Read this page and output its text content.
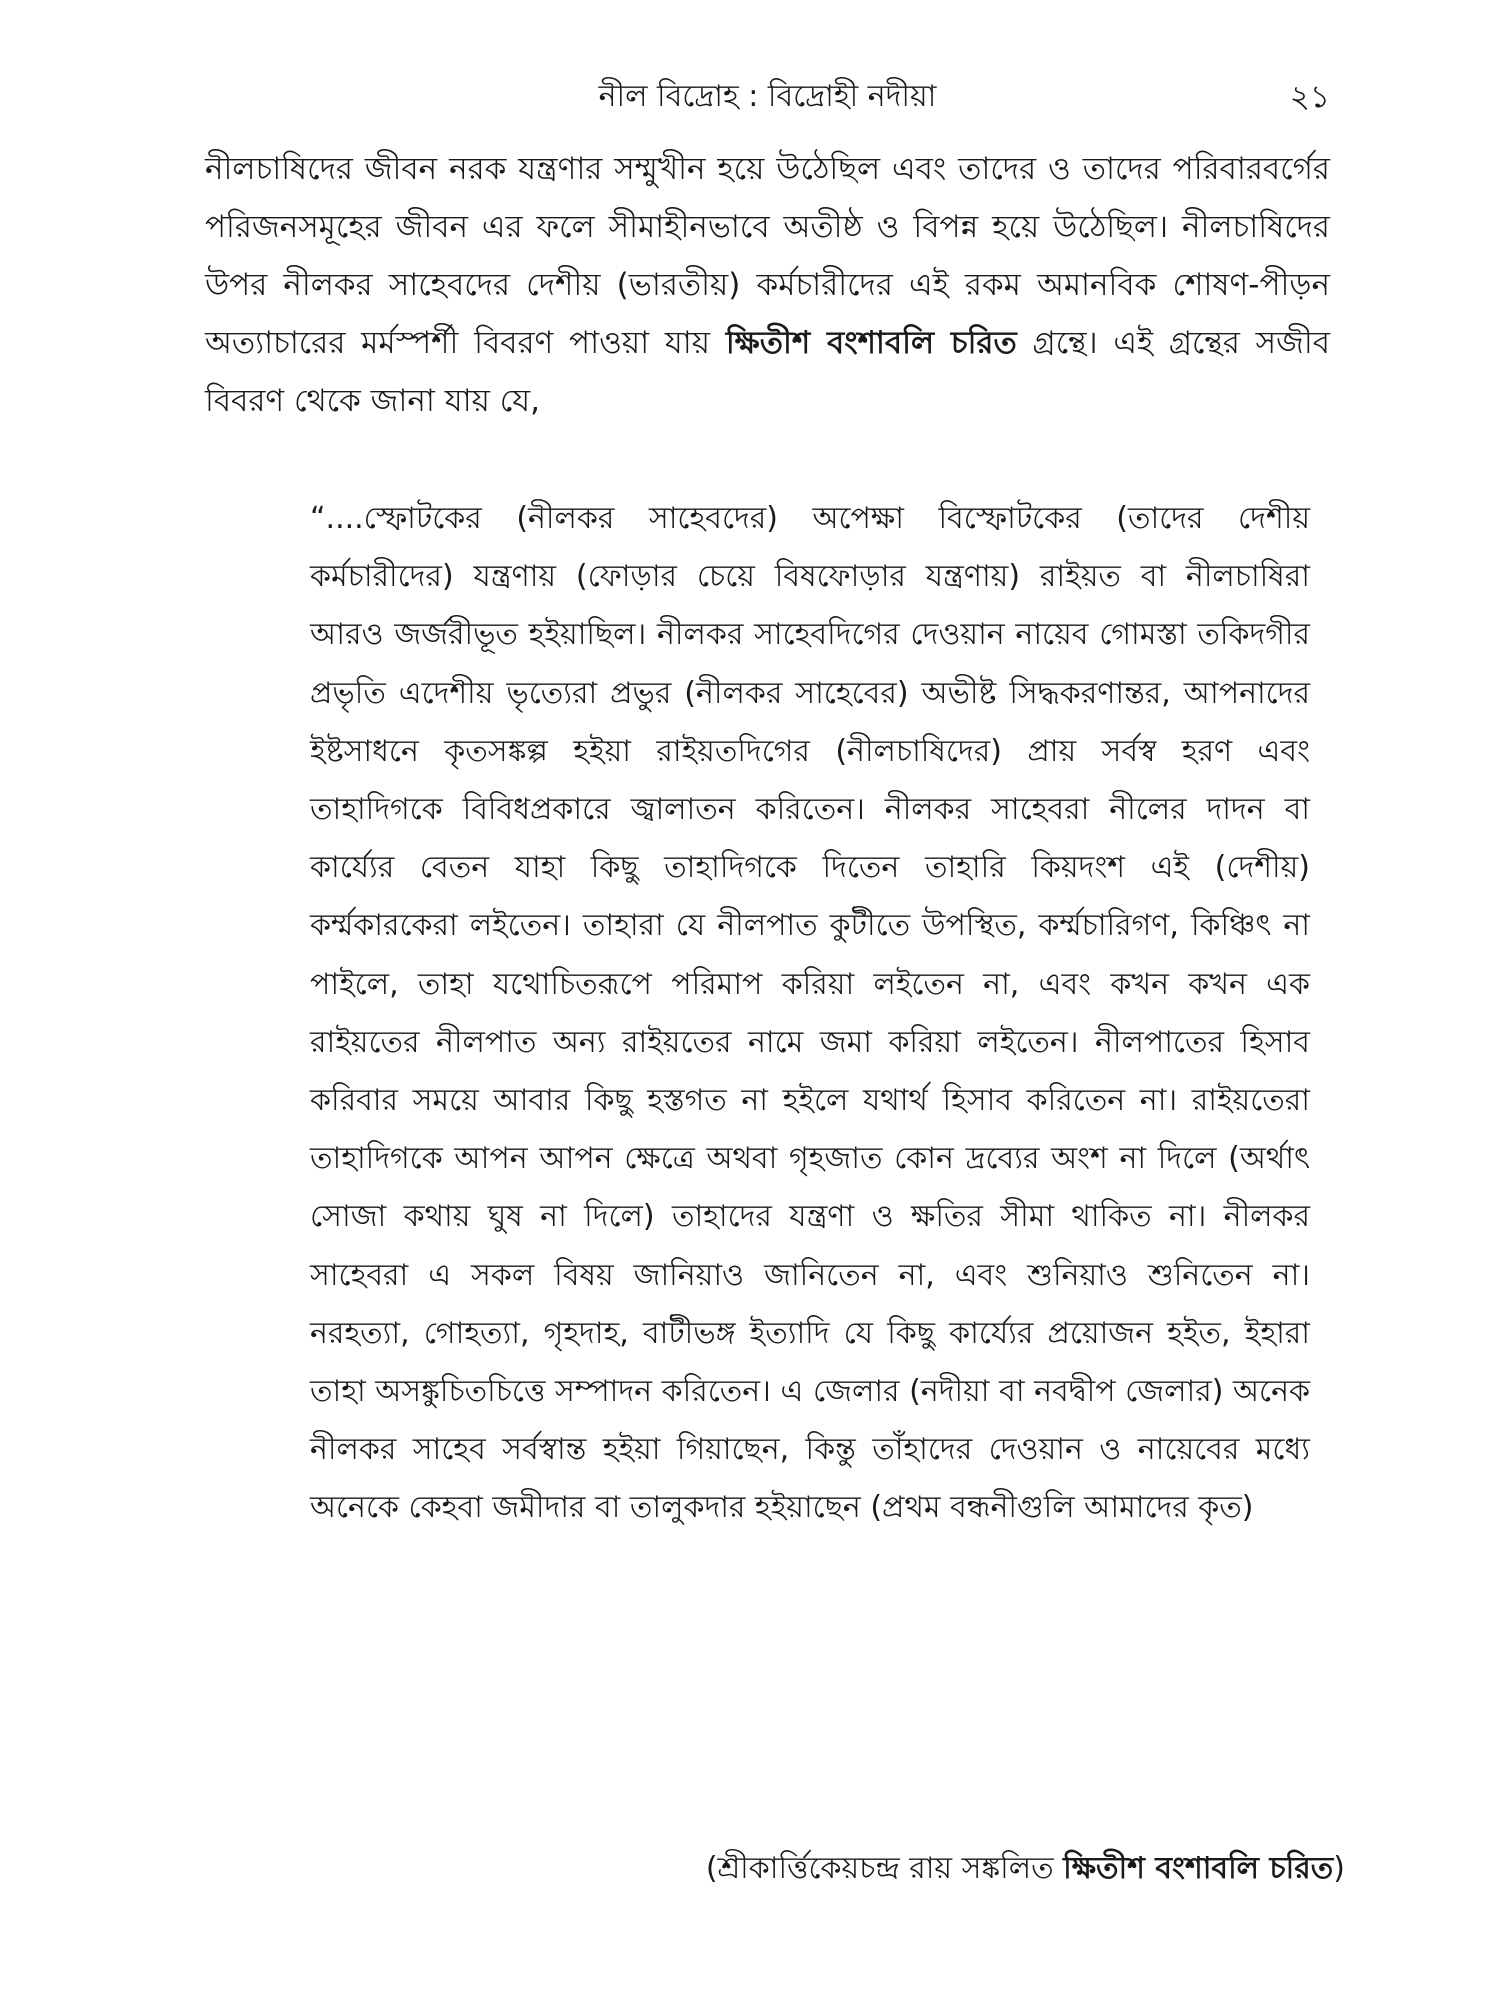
নীল বিদ্রোহ : বিদ্রোহী নদীয়া	২১

নীলচাষিদের জীবন নরক যন্ত্রণার সম্মুখীন হয়ে উঠেছিল এবং তাদের ও তাদের পরিবারবর্গের পরিজনসমূহের জীবন এর ফলে সীমাহীনভাবে অতীষ্ঠ ও বিপন্ন হয়ে উঠেছিল। নীলচাষিদের উপর নীলকর সাহেবদের দেশীয় (ভারতীয়) কর্মচারীদের এই রকম অমানবিক শোষণ-পীড়ন অত্যাচারের মর্মস্পর্শী বিবরণ পাওয়া যায় ক্ষিতীশ বংশাবলি চরিত গ্রন্থে। এই গ্রন্থের সজীব বিবরণ থেকে জানা যায় যে,

“....স্ফোটকের (নীলকর সাহেবদের) অপেক্ষা বিস্ফোটকের (তাদের দেশীয় কর্মচারীদের) যন্ত্রণায় (ফোড়ার চেয়ে বিষফোড়ার যন্ত্রণায়) রাইয়ত বা নীলচাষিরা আরও জর্জরীভূত হইয়াছিল। নীলকর সাহেবদিগের দেওয়ান নায়েব গোমস্তা তকিদগীর প্রভৃতি এদেশীয় ভৃত্যেরা প্রভুর (নীলকর সাহেবের) অভীষ্ট সিদ্ধকরণান্তর, আপনাদের ইষ্টসাধনে কৃতসঙ্কল্প হইয়া রাইয়তদিগের (নীলচাষিদের) প্রায় সর্বস্ব হরণ এবং তাহাদিগকে বিবিধপ্রকারে জ্বালাতন করিতেন। নীলকর সাহেবরা নীলের দাদন বা কার্য্যের বেতন যাহা কিছু তাহাদিগকে দিতেন তাহারি কিয়দংশ এই (দেশীয়) কর্ম্মকারকেরা লইতেন। তাহারা যে নীলপাত কুটীতে উপস্থিত, কর্ম্মচারিগণ, কিঞ্চিৎ না পাইলে, তাহা যথোচিতরূপে পরিমাপ করিয়া লইতেন না, এবং কখন কখন এক রাইয়তের নীলপাত অন্য রাইয়তের নামে জমা করিয়া লইতেন। নীলপাতের হিসাব করিবার সময়ে আবার কিছু হস্তগত না হইলে যথার্থ হিসাব করিতেন না। রাইয়তেরা তাহাদিগকে আপন আপন ক্ষেত্রে অথবা গৃহজাত কোন দ্রব্যের অংশ না দিলে (অর্থাৎ সোজা কথায় ঘুষ না দিলে) তাহাদের যন্ত্রণা ও ক্ষতির সীমা থাকিত না। নীলকর সাহেবরা এ সকল বিষয় জানিয়াও জানিতেন না, এবং শুনিয়াও শুনিতেন না। নরহত্যা, গোহত্যা, গৃহদাহ, বাটীভঙ্গ ইত্যাদি যে কিছু কার্য্যের প্রয়োজন হইত, ইহারা তাহা অসঙ্কুচিতচিত্তে সম্পাদন করিতেন। এ জেলার (নদীয়া বা নবদ্বীপ জেলার) অনেক নীলকর সাহেব সর্বস্বান্ত হইয়া গিয়াছেন, কিন্তু তাঁহাদের দেওয়ান ও নায়েবের মধ্যে অনেকে কেহবা জমীদার বা তালুকদার হইয়াছেন (প্রথম বন্ধনীগুলি আমাদের কৃত)

(শ্রীকার্ত্তিকেয়চন্দ্র রায় সঙ্কলিত ক্ষিতীশ বংশাবলি চরিত)
